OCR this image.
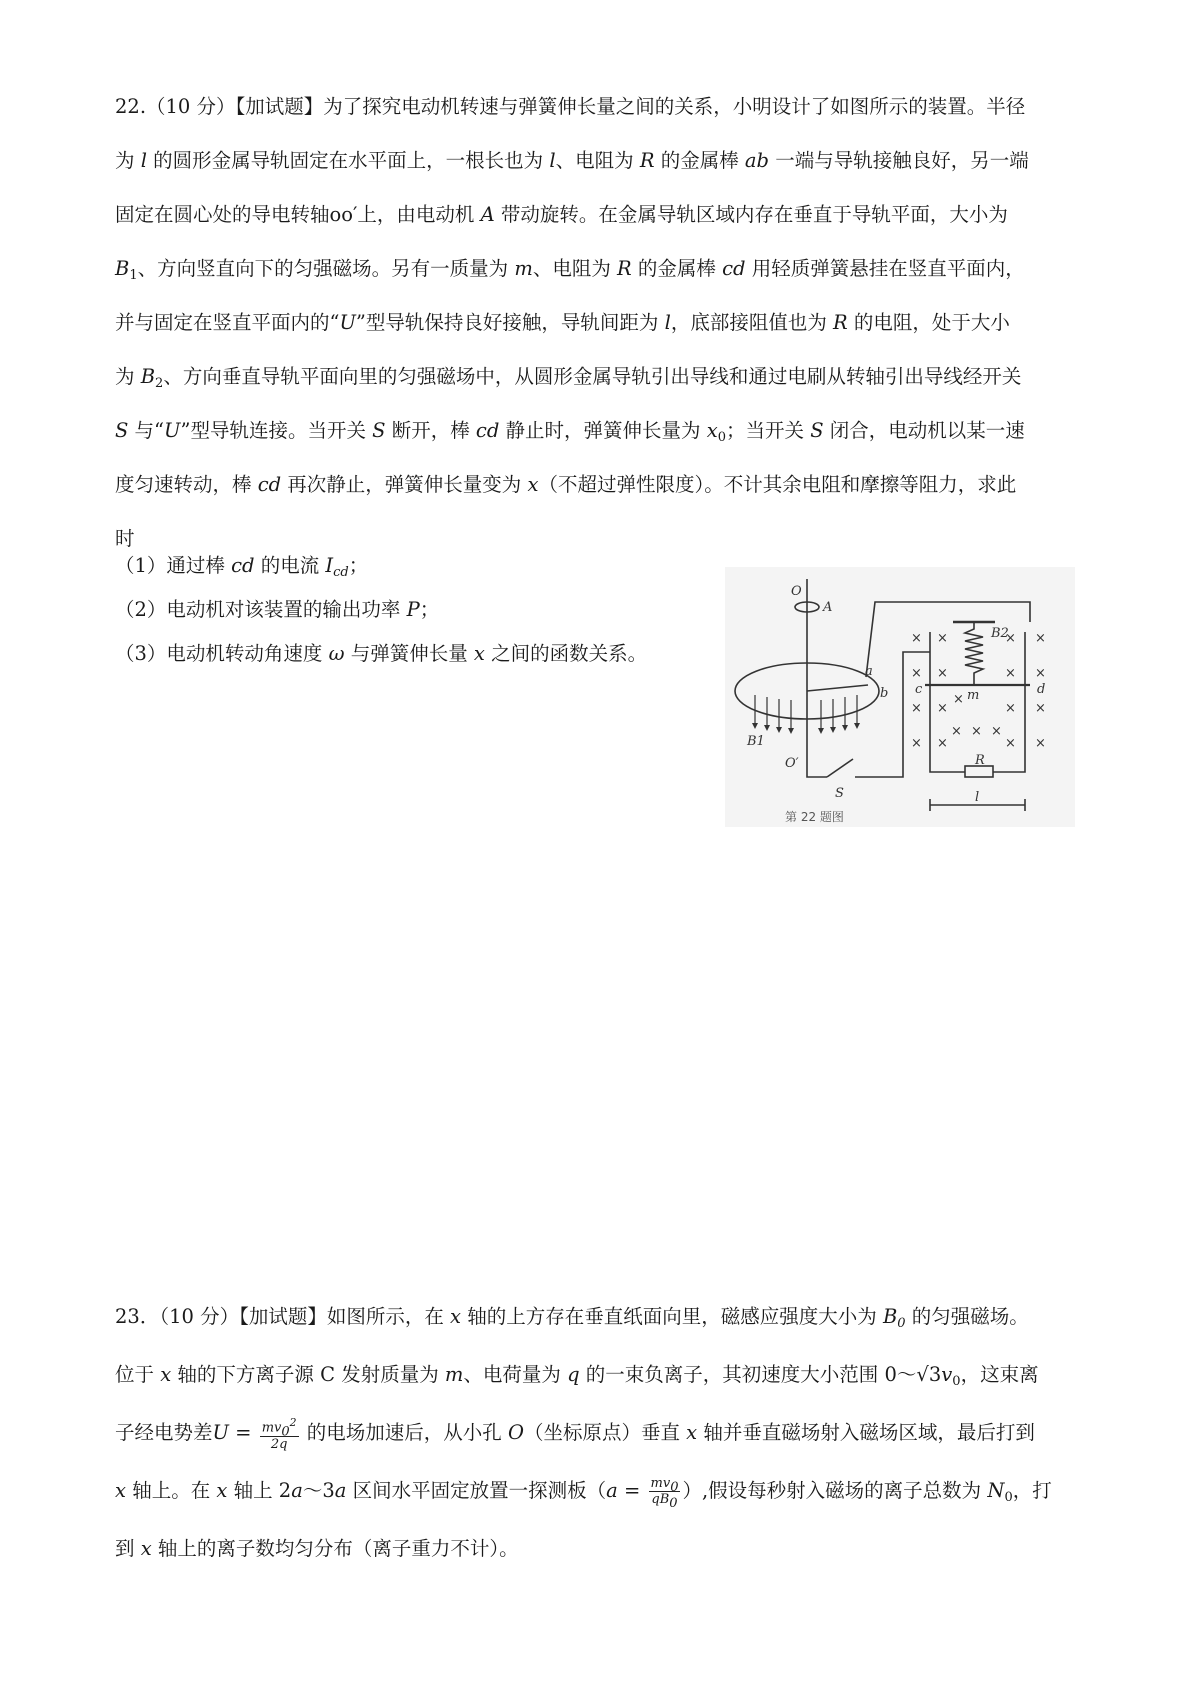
22.（10 分）【加试题】为了探究电动机转速与弹簧伸长量之间的关系，小明设计了如图所示的装置。半径

为 l 的圆形金属导轨固定在水平面上，一根长也为 l、电阻为 R 的金属棒 ab 一端与导轨接触良好，另一端

固定在圆心处的导电转轴oo′上，由电动机 A 带动旋转。在金属导轨区域内存在垂直于导轨平面，大小为

$B_1$、方向竖直向下的匀强磁场。另有一质量为 m、电阻为 R 的金属棒 cd 用轻质弹簧悬挂在竖直平面内，

并与固定在竖直平面内的“U”型导轨保持良好接触，导轨间距为 l，底部接阻值也为 R 的电阻，处于大小

为 $B_2$、方向垂直导轨平面向里的匀强磁场中，从圆形金属导轨引出导线和通过电刷从转轴引出导线经开关

S 与“U”型导轨连接。当开关 S 断开，棒 cd 静止时，弹簧伸长量为 $x_0$；当开关 S 闭合，电动机以某一速

度匀速转动，棒 cd 再次静止，弹簧伸长量变为 x（不超过弹性限度）。不计其余电阻和摩擦等阻力，求此

时

（1）通过棒 cd 的电流 $I_{cd}$；
（2）电动机对该装置的输出功率 P；
（3）电动机转动角速度 ω 与弹簧伸长量 x 之间的函数关系。
×
×
×
×
×
×
×
×
×
×
×
×
×
×
×
×
×
× ×
×
O
A
B1
O′
a
b c	d
B2
m
R
S	l
第 22 题图

23．（10 分）【加试题】如图所示，在 x 轴的上方存在垂直纸面向里，磁感应强度大小为 $B_0$ 的匀强磁场。

位于 x 轴的下方离子源 C 发射质量为 m、电荷量为 q 的一束负离子，其初速度大小范围 $0\sim√3v_0$，这束离

子经电势差$U = \frac{mv_0^2}{2q}$ 的电场加速后，从小孔 O（坐标原点）垂直 x 轴并垂直磁场射入磁场区域，最后打到

x 轴上。在 x 轴上 2a～3a 区间水平固定放置一探测板（$a = \frac{mv_0}{qB_0}$ ）,假设每秒射入磁场的离子总数为 $N_0$，打

到 x 轴上的离子数均匀分布（离子重力不计）。
